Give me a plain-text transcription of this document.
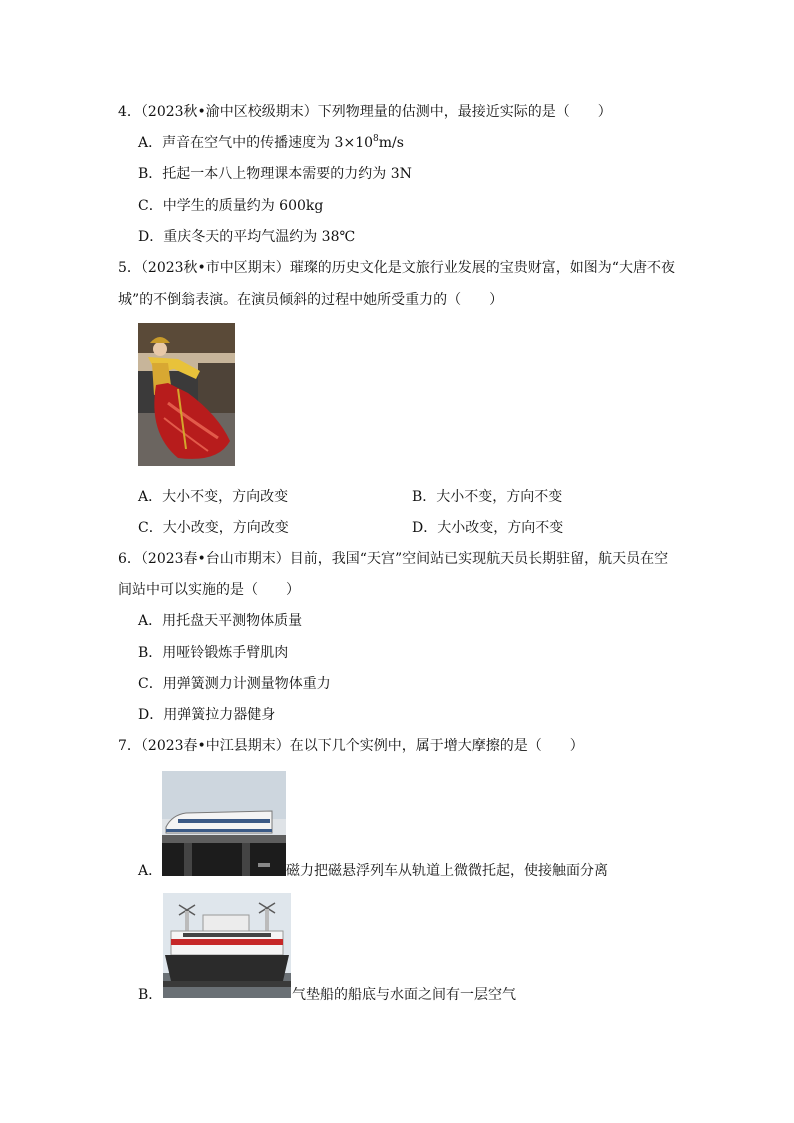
4．（2023秋•渝中区校级期末）下列物理量的估测中，最接近实际的是（　　）
A．声音在空气中的传播速度为 $3\times 10^8m/s$
B．托起一本八上物理课本需要的力约为 3N
C．中学生的质量约为 600kg
D．重庆冬天的平均气温约为 38℃
5．（2023秋•市中区期末）璀璨的历史文化是文旅行业发展的宝贵财富，如图为“大唐不夜
城”的不倒翁表演。在演员倾斜的过程中她所受重力的（　　）
A．大小不变，方向改变	B．大小不变，方向不变
C．大小改变，方向改变	D．大小改变，方向不变
6．（2023春•台山市期末）目前，我国“天宫”空间站已实现航天员长期驻留，航天员在空
间站中可以实施的是（　　）
A．用托盘天平测物体质量
B．用哑铃锻炼手臂肌肉
C．用弹簧测力计测量物体重力
D．用弹簧拉力器健身
7．（2023春•中江县期末）在以下几个实例中，属于增大摩擦的是（　　）
A．	磁力把磁悬浮列车从轨道上微微托起，使接触面分离
B．	气垫船的船底与水面之间有一层空气
